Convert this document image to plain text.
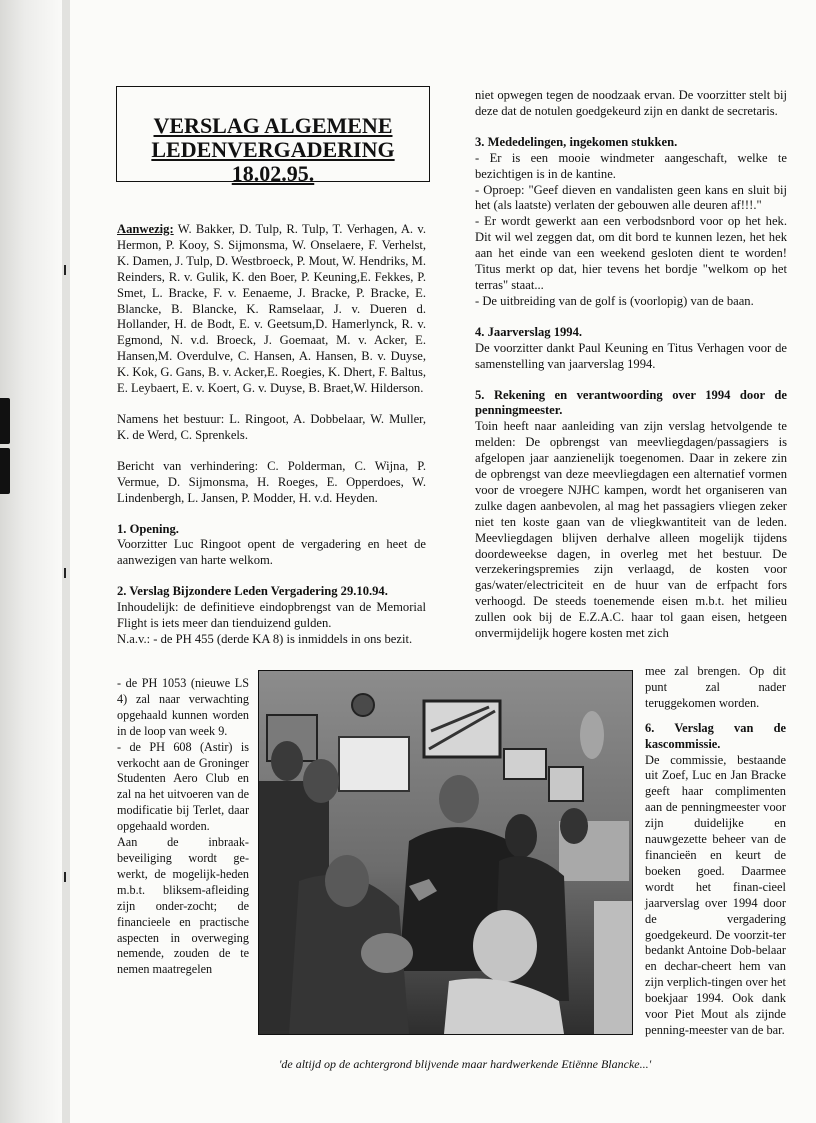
VERSLAG ALGEMENE
LEDENVERGADERING
18.02.95.

Aanwezig: W. Bakker, D. Tulp, R. Tulp, T. Verhagen, A. v. Hermon, P. Kooy, S. Sijmonsma, W. Onselaere, F. Verhelst, K. Damen, J. Tulp, D. Westbroeck, P. Mout, W. Hendriks, M. Reinders, R. v. Gulik, K. den Boer, P. Keuning,E. Fekkes, P. Smet, L. Bracke, F. v. Eenaeme, J. Bracke, P. Bracke, E. Blancke, B. Blancke, K. Ramselaar, J. v. Dueren d. Hollander, H. de Bodt, E. v. Geetsum,D. Hamerlynck, R. v. Egmond, N. v.d. Broeck, J. Goemaat, M. v. Acker, E. Hansen,M. Overdulve, C. Hansen, A. Hansen, B. v. Duyse, K. Kok, G. Gans, B. v. Acker,E. Roegies, K. Dhert, F. Baltus, E. Leybaert, E. v. Koert, G. v. Duyse, B. Braet,W. Hilderson.

Namens het bestuur: L. Ringoot, A. Dobbelaar, W. Muller, K. de Werd, C. Sprenkels.

Bericht van verhindering: C. Polderman, C. Wijna, P. Vermue, D. Sijmonsma, H. Roeges, E. Opperdoes, W. Lindenbergh, L. Jansen, P. Modder, H. v.d. Heyden.

1. Opening.

Voorzitter Luc Ringoot opent de vergadering en heet de aanwezigen van harte welkom.

2. Verslag Bijzondere Leden Vergadering 29.10.94.

Inhoudelijk: de definitieve eindopbrengst van de Memorial Flight is iets meer dan tienduizend gulden.

N.a.v.: - de PH 455 (derde KA 8) is inmiddels in ons bezit.

- de PH 1053 (nieuwe LS 4) zal naar verwachting opgehaald kunnen worden in de loop van week 9.
- de PH 608 (Astir) is verkocht aan de Groninger Studenten Aero Club en zal na het uitvoeren van de modificatie bij Terlet, daar opgehaald worden.
Aan de inbraak-beveiliging wordt ge-werkt, de mogelijk-heden m.b.t. bliksem-afleiding zijn onder-zocht; de financieele en practische aspecten in overweging nemende, zouden de te nemen maatregelen

niet opwegen tegen de noodzaak ervan. De voorzitter stelt bij deze dat de notulen goedgekeurd zijn en dankt de secretaris.

3. Mededelingen, ingekomen stukken.

- Er is een mooie windmeter aangeschaft, welke te bezichtigen is in de kantine.
- Oproep: "Geef dieven en vandalisten geen kans en sluit bij het (als laatste) verlaten der gebouwen alle deuren af!!!."
- Er wordt gewerkt aan een verbodsnbord voor op het hek. Dit wil wel zeggen dat, om dit bord te kunnen lezen, het hek aan het einde van een weekend gesloten dient te worden! Titus merkt op dat, hier tevens het bordje "welkom op het terras" staat...
- De uitbreiding van de golf is (voorlopig) van de baan.

4. Jaarverslag 1994.

De voorzitter dankt Paul Keuning en Titus Verhagen voor de samenstelling van jaarverslag 1994.

5. Rekening en verantwoording over 1994 door de penningmeester.

Toin heeft naar aanleiding van zijn verslag hetvolgende te melden: De opbrengst van meevliegdagen/passagiers is afgelopen jaar aanzienelijk toegenomen. Daar in zekere zin de opbrengst van deze meevliegdagen een alternatief vormen voor de vroegere NJHC kampen, wordt het organiseren van zulke dagen aanbevolen, al mag het passagiers vliegen zeker niet ten koste gaan van de vliegkwantiteit van de leden. Meevliegdagen blijven derhalve alleen mogelijk tijdens doordeweekse dagen, in overleg met het bestuur. De verzekeringspremies zijn verlaagd, de kosten voor gas/water/electriciteit en de huur van de erfpacht fors verhoogd. De steeds toenemende eisen m.b.t. het milieu zullen ook bij de E.Z.A.C. haar tol gaan eisen, hetgeen onvermijdelijk hogere kosten met zich

mee zal brengen. Op dit punt zal nader teruggekomen worden.

6. Verslag van de kascommissie.

De commissie, bestaande uit Zoef, Luc en Jan Bracke geeft haar complimenten aan de penningmeester voor zijn duidelijke en nauwgezette beheer van de financieën en keurt de boeken goed. Daarmee wordt het finan-cieel jaarverslag over 1994 door de vergadering goedgekeurd. De voorzit-ter bedankt Antoine Dob-belaar en dechar-cheert hem van zijn verplich-tingen over het boekjaar 1994. Ook dank voor Piet Mout als zijnde penning-meester van de bar.

'de altijd op de achtergrond blijvende maar hardwerkende Etiënne Blancke...'
